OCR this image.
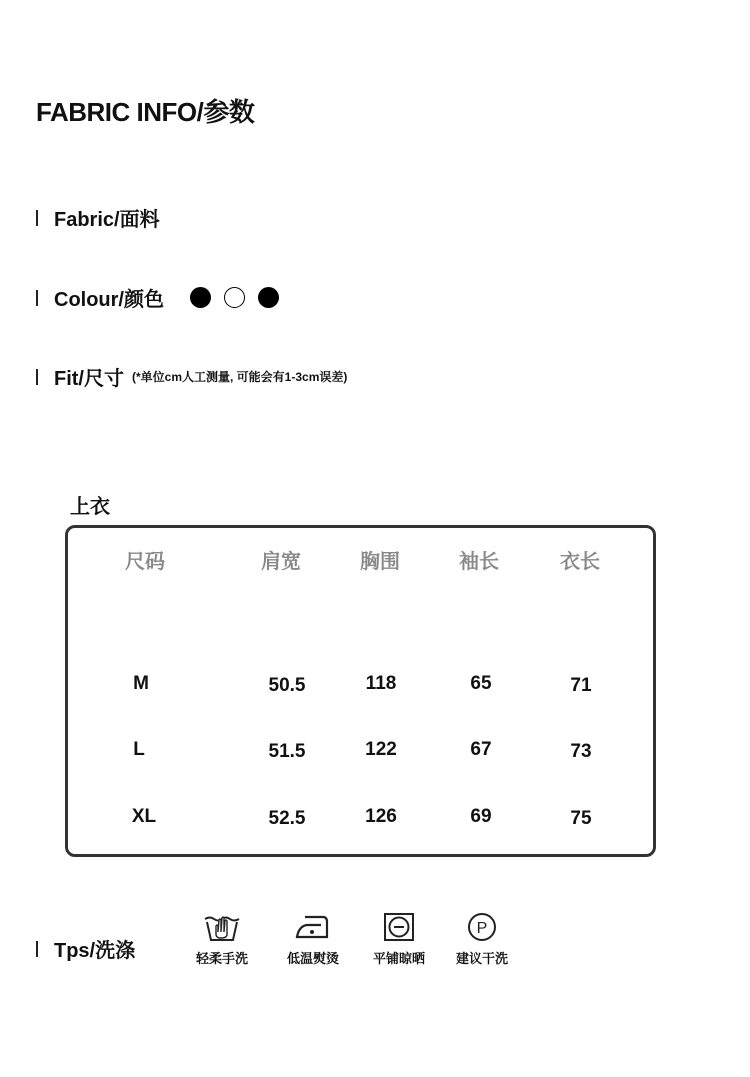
FABRIC INFO/参数
Fabric/面料
Colour/颜色
Fit/尺寸 (*单位cm人工测量, 可能会有1-3cm误差)
上衣
尺码	肩宽	胸围	袖长	衣长
M	50.5	118	65	71
L	51.5	122	67	73
XL	52.5	126	69	75
Tps/洗涤	轻柔手洗	低温熨烫	平铺晾晒
P
建议干洗
